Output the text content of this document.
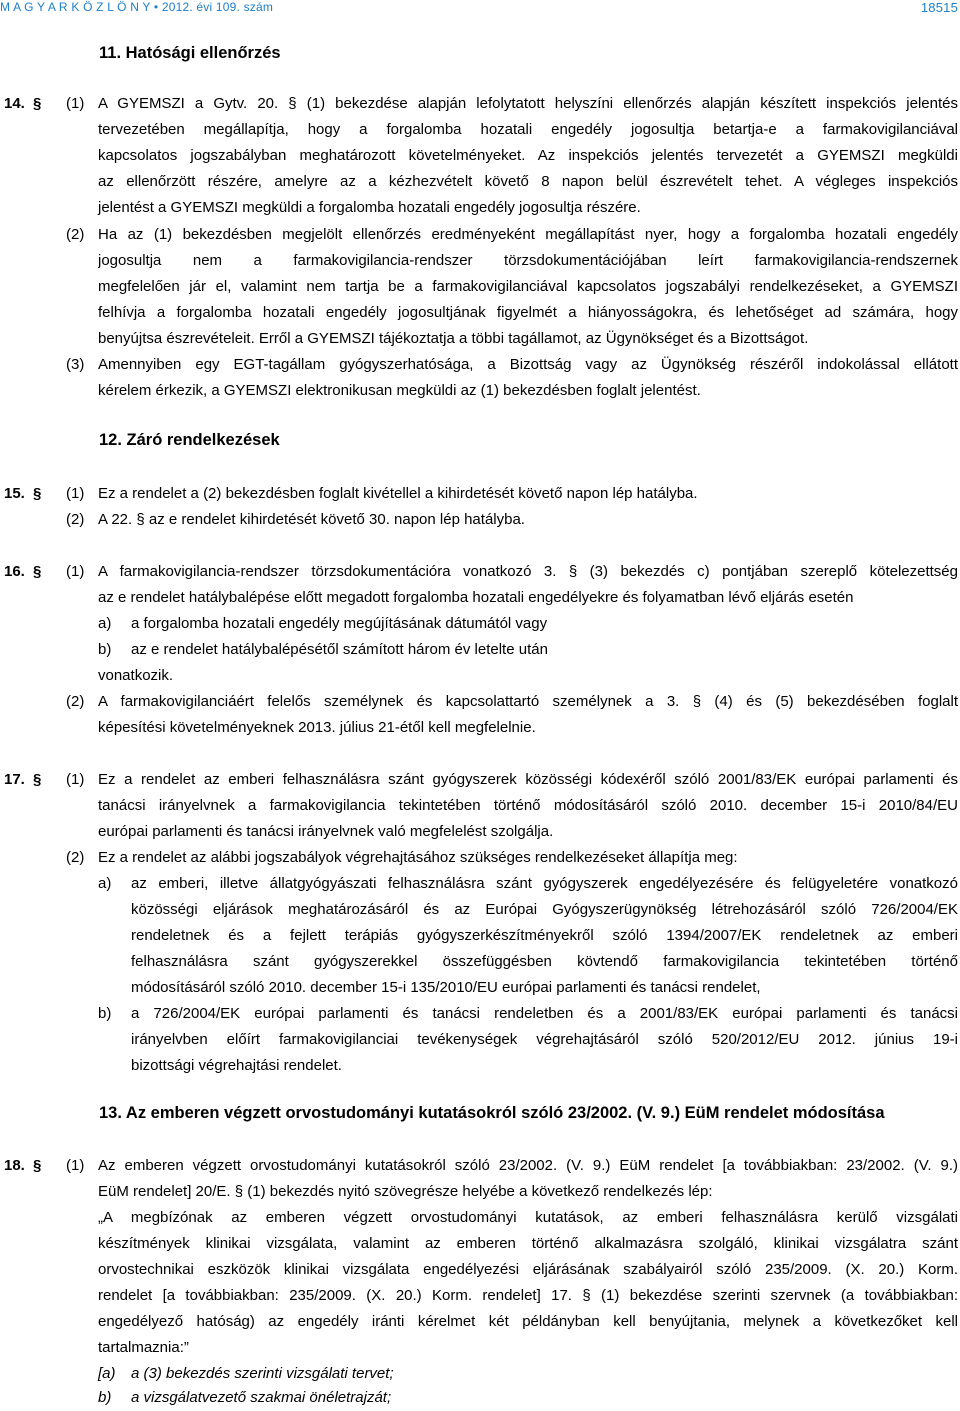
M A G Y A R K Ö Z L Ö N Y • 2012. évi 109. szám	18515
11. Hatósági ellenőrzés
14. § (1) A GYEMSZI a Gytv. 20. § (1) bekezdése alapján lefolytatott helyszíni ellenőrzés alapján készített inspekciós jelentés
tervezetében megállapítja, hogy a forgalomba hozatali engedély jogosultja betartja-e a farmakovigilanciával
kapcsolatos jogszabályban meghatározott követelményeket. Az inspekciós jelentés tervezetét a GYEMSZI megküldi
az ellenőrzött részére, amelyre az a kézhezvételt követő 8 napon belül észrevételt tehet. A végleges inspekciós
jelentést a GYEMSZI megküldi a forgalomba hozatali engedély jogosultja részére.
(2) Ha az (1) bekezdésben megjelölt ellenőrzés eredményeként megállapítást nyer, hogy a forgalomba hozatali engedély
jogosultja nem a farmakovigilancia-rendszer törzsdokumentációjában leírt farmakovigilancia-rendszernek
megfelelően jár el, valamint nem tartja be a farmakovigilanciával kapcsolatos jogszabályi rendelkezéseket, a GYEMSZI
felhívja a forgalomba hozatali engedély jogosultjának figyelmét a hiányosságokra, és lehetőséget ad számára, hogy
benyújtsa észrevételeit. Erről a GYEMSZI tájékoztatja a többi tagállamot, az Ügynökséget és a Bizottságot.
(3) Amennyiben egy EGT-tagállam gyógyszerhatósága, a Bizottság vagy az Ügynökség részéről indokolással ellátott
kérelem érkezik, a GYEMSZI elektronikusan megküldi az (1) bekezdésben foglalt jelentést.
12. Záró rendelkezések
15. § (1) Ez a rendelet a (2) bekezdésben foglalt kivétellel a kihirdetését követő napon lép hatályba.
(2) A 22. § az e rendelet kihirdetését követő 30. napon lép hatályba.
16. § (1) A farmakovigilancia-rendszer törzsdokumentációra vonatkozó 3. § (3) bekezdés c) pontjában szereplő kötelezettség
az e rendelet hatálybalépése előtt megadott forgalomba hozatali engedélyekre és folyamatban lévő eljárás esetén
a) a forgalomba hozatali engedély megújításának dátumától vagy
b) az e rendelet hatálybalépésétől számított három év letelte után
vonatkozik.
(2) A farmakovigilanciáért felelős személynek és kapcsolattartó személynek a 3. § (4) és (5) bekezdésében foglalt
képesítési követelményeknek 2013. július 21-étől kell megfelelnie.
17. § (1) Ez a rendelet az emberi felhasználásra szánt gyógyszerek közösségi kódexéről szóló 2001/83/EK európai parlamenti és
tanácsi irányelvnek a farmakovigilancia tekintetében történő módosításáról szóló 2010. december 15-i 2010/84/EU
európai parlamenti és tanácsi irányelvnek való megfelelést szolgálja.
(2) Ez a rendelet az alábbi jogszabályok végrehajtásához szükséges rendelkezéseket állapítja meg:
a) az emberi, illetve állatgyógyászati felhasználásra szánt gyógyszerek engedélyezésére és felügyeletére vonatkozó
közösségi eljárások meghatározásáról és az Európai Gyógyszerügynökség létrehozásáról szóló 726/2004/EK
rendeletnek és a fejlett terápiás gyógyszerkészítményekről szóló 1394/2007/EK rendeletnek az emberi
felhasználásra szánt gyógyszerekkel összefüggésben kövtendő farmakovigilancia tekintetében történő
módosításáról szóló 2010. december 15-i 135/2010/EU európai parlamenti és tanácsi rendelet,
b) a 726/2004/EK európai parlamenti és tanácsi rendeletben és a 2001/83/EK európai parlamenti és tanácsi
irányelvben előírt farmakovigilanciai tevékenységek végrehajtásáról szóló 520/2012/EU 2012. június 19-i
bizottsági végrehajtási rendelet.
13. Az emberen végzett orvostudományi kutatásokról szóló 23/2002. (V. 9.) EüM rendelet módosítása
18. § (1) Az emberen végzett orvostudományi kutatásokról szóló 23/2002. (V. 9.) EüM rendelet [a továbbiakban: 23/2002. (V. 9.)
EüM rendelet] 20/E. § (1) bekezdés nyitó szövegrésze helyébe a következő rendelkezés lép:
„A megbízónak az emberen végzett orvostudományi kutatások, az emberi felhasználásra kerülő vizsgálati
készítmények klinikai vizsgálata, valamint az emberen történő alkalmazásra szolgáló, klinikai vizsgálatra szánt
orvostechnikai eszközök klinikai vizsgálata engedélyezési eljárásának szabályairól szóló 235/2009. (X. 20.) Korm.
rendelet [a továbbiakban: 235/2009. (X. 20.) Korm. rendelet] 17. § (1) bekezdése szerinti szervnek (a továbbiakban:
engedélyező hatóság) az engedély iránti kérelmet két példányban kell benyújtania, melynek a következőket kell
tartalmaznia:”
[a) a (3) bekezdés szerinti vizsgálati tervet;
b) a vizsgálatvezető szakmai önéletrajzát;
